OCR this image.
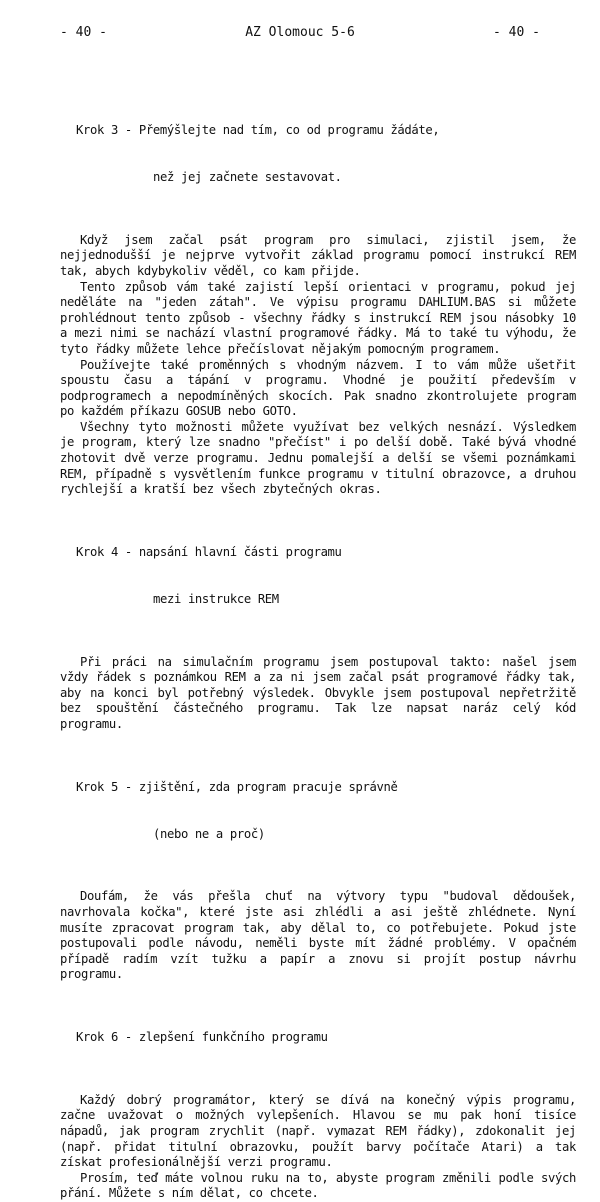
- 40 -	AZ Olomouc 5-6	- 40 -

Krok 3 - Přemýšlejte nad tím, co od programu žádáte,

než jej začnete sestavovat.

Když jsem začal psát program pro simulaci, zjistil jsem, že nejjednodušší je nejprve vytvořit základ programu pomocí instrukcí REM tak, abych kdybykoliv věděl, co kam přijde.

Tento způsob vám také zajistí lepší orientaci v programu, pokud jej neděláte na "jeden zátah". Ve výpisu programu DAHLIUM.BAS si můžete prohlédnout tento způsob - všechny řádky s instrukcí REM jsou násobky 10 a mezi nimi se nachází vlastní programové řádky. Má to také tu výhodu, že tyto řádky můžete lehce přečíslovat nějakým pomocným programem.

Používejte také proměnných s vhodným názvem. I to vám může ušetřit spoustu času a tápání v programu. Vhodné je použití především v podprogramech a nepodmíněných skocích. Pak snadno zkontrolujete program po každém příkazu GOSUB nebo GOTO.

Všechny tyto možnosti můžete využívat bez velkých nesnází. Výsledkem je program, který lze snadno "přečíst" i po delší době. Také bývá vhodné zhotovit dvě verze programu. Jednu pomalejší a delší se všemi poznámkami REM, případně s vysvětlením funkce programu v titulní obrazovce, a druhou rychlejší a kratší bez všech zbytečných okras.

Krok 4 - napsání hlavní části programu

mezi instrukce REM

Při práci na simulačním programu jsem postupoval takto: našel jsem vždy řádek s poznámkou REM a za ni jsem začal psát programové řádky tak, aby na konci byl potřebný výsledek. Obvykle jsem postupoval nepřetržitě bez spouštění částečného programu. Tak lze napsat naráz celý kód programu.

Krok 5 - zjištění, zda program pracuje správně

(nebo ne a proč)

Doufám, že vás přešla chuť na výtvory typu "budoval dědoušek, navrhovala kočka", které jste asi zhlédli a asi ještě zhlédnete. Nyní musíte zpracovat program tak, aby dělal to, co potřebujete. Pokud jste postupovali podle návodu, neměli byste mít žádné problémy. V opačném případě radím vzít tužku a papír a znovu si projít postup návrhu programu.

Krok 6 - zlepšení funkčního programu

Každý dobrý programátor, který se dívá na konečný výpis programu, začne uvažovat o možných vylepšeních. Hlavou se mu pak honí tisíce nápadů, jak program zrychlit (např. vymazat REM řádky), zdokonalit jej (např. přidat titulní obrazovku, použít barvy počítače Atari) a tak získat profesionálnější verzi programu.

Prosím, teď máte volnou ruku na to, abyste program změnili podle svých přání. Můžete s ním dělat, co chcete.
